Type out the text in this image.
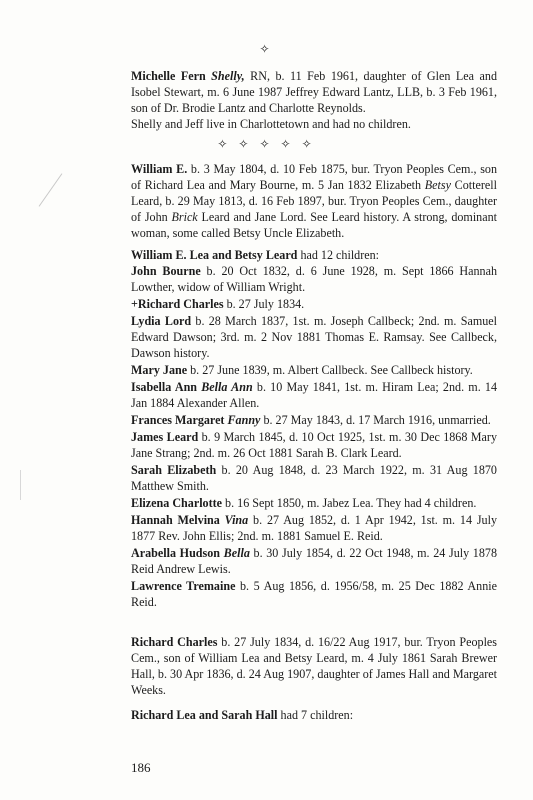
✧
Michelle Fern Shelly, RN, b. 11 Feb 1961, daughter of Glen Lea and Isobel Stewart, m. 6 June 1987 Jeffrey Edward Lantz, LLB, b. 3 Feb 1961, son of Dr. Brodie Lantz and Charlotte Reynolds.
Shelly and Jeff live in Charlottetown and had no children.
✧ ✧ ✧ ✧ ✧
William E. b. 3 May 1804, d. 10 Feb 1875, bur. Tryon Peoples Cem., son of Richard Lea and Mary Bourne, m. 5 Jan 1832 Elizabeth Betsy Cotterell Leard, b. 29 May 1813, d. 16 Feb 1897, bur. Tryon Peoples Cem., daughter of John Brick Leard and Jane Lord. See Leard history. A strong, dominant woman, some called Betsy Uncle Elizabeth.
William E. Lea and Betsy Leard had 12 children:
John Bourne b. 20 Oct 1832, d. 6 June 1928, m. Sept 1866 Hannah Lowther, widow of William Wright.
+Richard Charles b. 27 July 1834.
Lydia Lord b. 28 March 1837, 1st. m. Joseph Callbeck; 2nd. m. Samuel Edward Dawson; 3rd. m. 2 Nov 1881 Thomas E. Ramsay. See Callbeck, Dawson history.
Mary Jane b. 27 June 1839, m. Albert Callbeck. See Callbeck history.
Isabella Ann Bella Ann b. 10 May 1841, 1st. m. Hiram Lea; 2nd. m. 14 Jan 1884 Alexander Allen.
Frances Margaret Fanny b. 27 May 1843, d. 17 March 1916, unmarried.
James Leard b. 9 March 1845, d. 10 Oct 1925, 1st. m. 30 Dec 1868 Mary Jane Strang; 2nd. m. 26 Oct 1881 Sarah B. Clark Leard.
Sarah Elizabeth b. 20 Aug 1848, d. 23 March 1922, m. 31 Aug 1870 Matthew Smith.
Elizena Charlotte b. 16 Sept 1850, m. Jabez Lea. They had 4 children.
Hannah Melvina Vina b. 27 Aug 1852, d. 1 Apr 1942, 1st. m. 14 July 1877 Rev. John Ellis; 2nd. m. 1881 Samuel E. Reid.
Arabella Hudson Bella b. 30 July 1854, d. 22 Oct 1948, m. 24 July 1878 Reid Andrew Lewis.
Lawrence Tremaine b. 5 Aug 1856, d. 1956/58, m. 25 Dec 1882 Annie Reid.
Richard Charles b. 27 July 1834, d. 16/22 Aug 1917, bur. Tryon Peoples Cem., son of William Lea and Betsy Leard, m. 4 July 1861 Sarah Brewer Hall, b. 30 Apr 1836, d. 24 Aug 1907, daughter of James Hall and Margaret Weeks.
Richard Lea and Sarah Hall had 7 children:
186
